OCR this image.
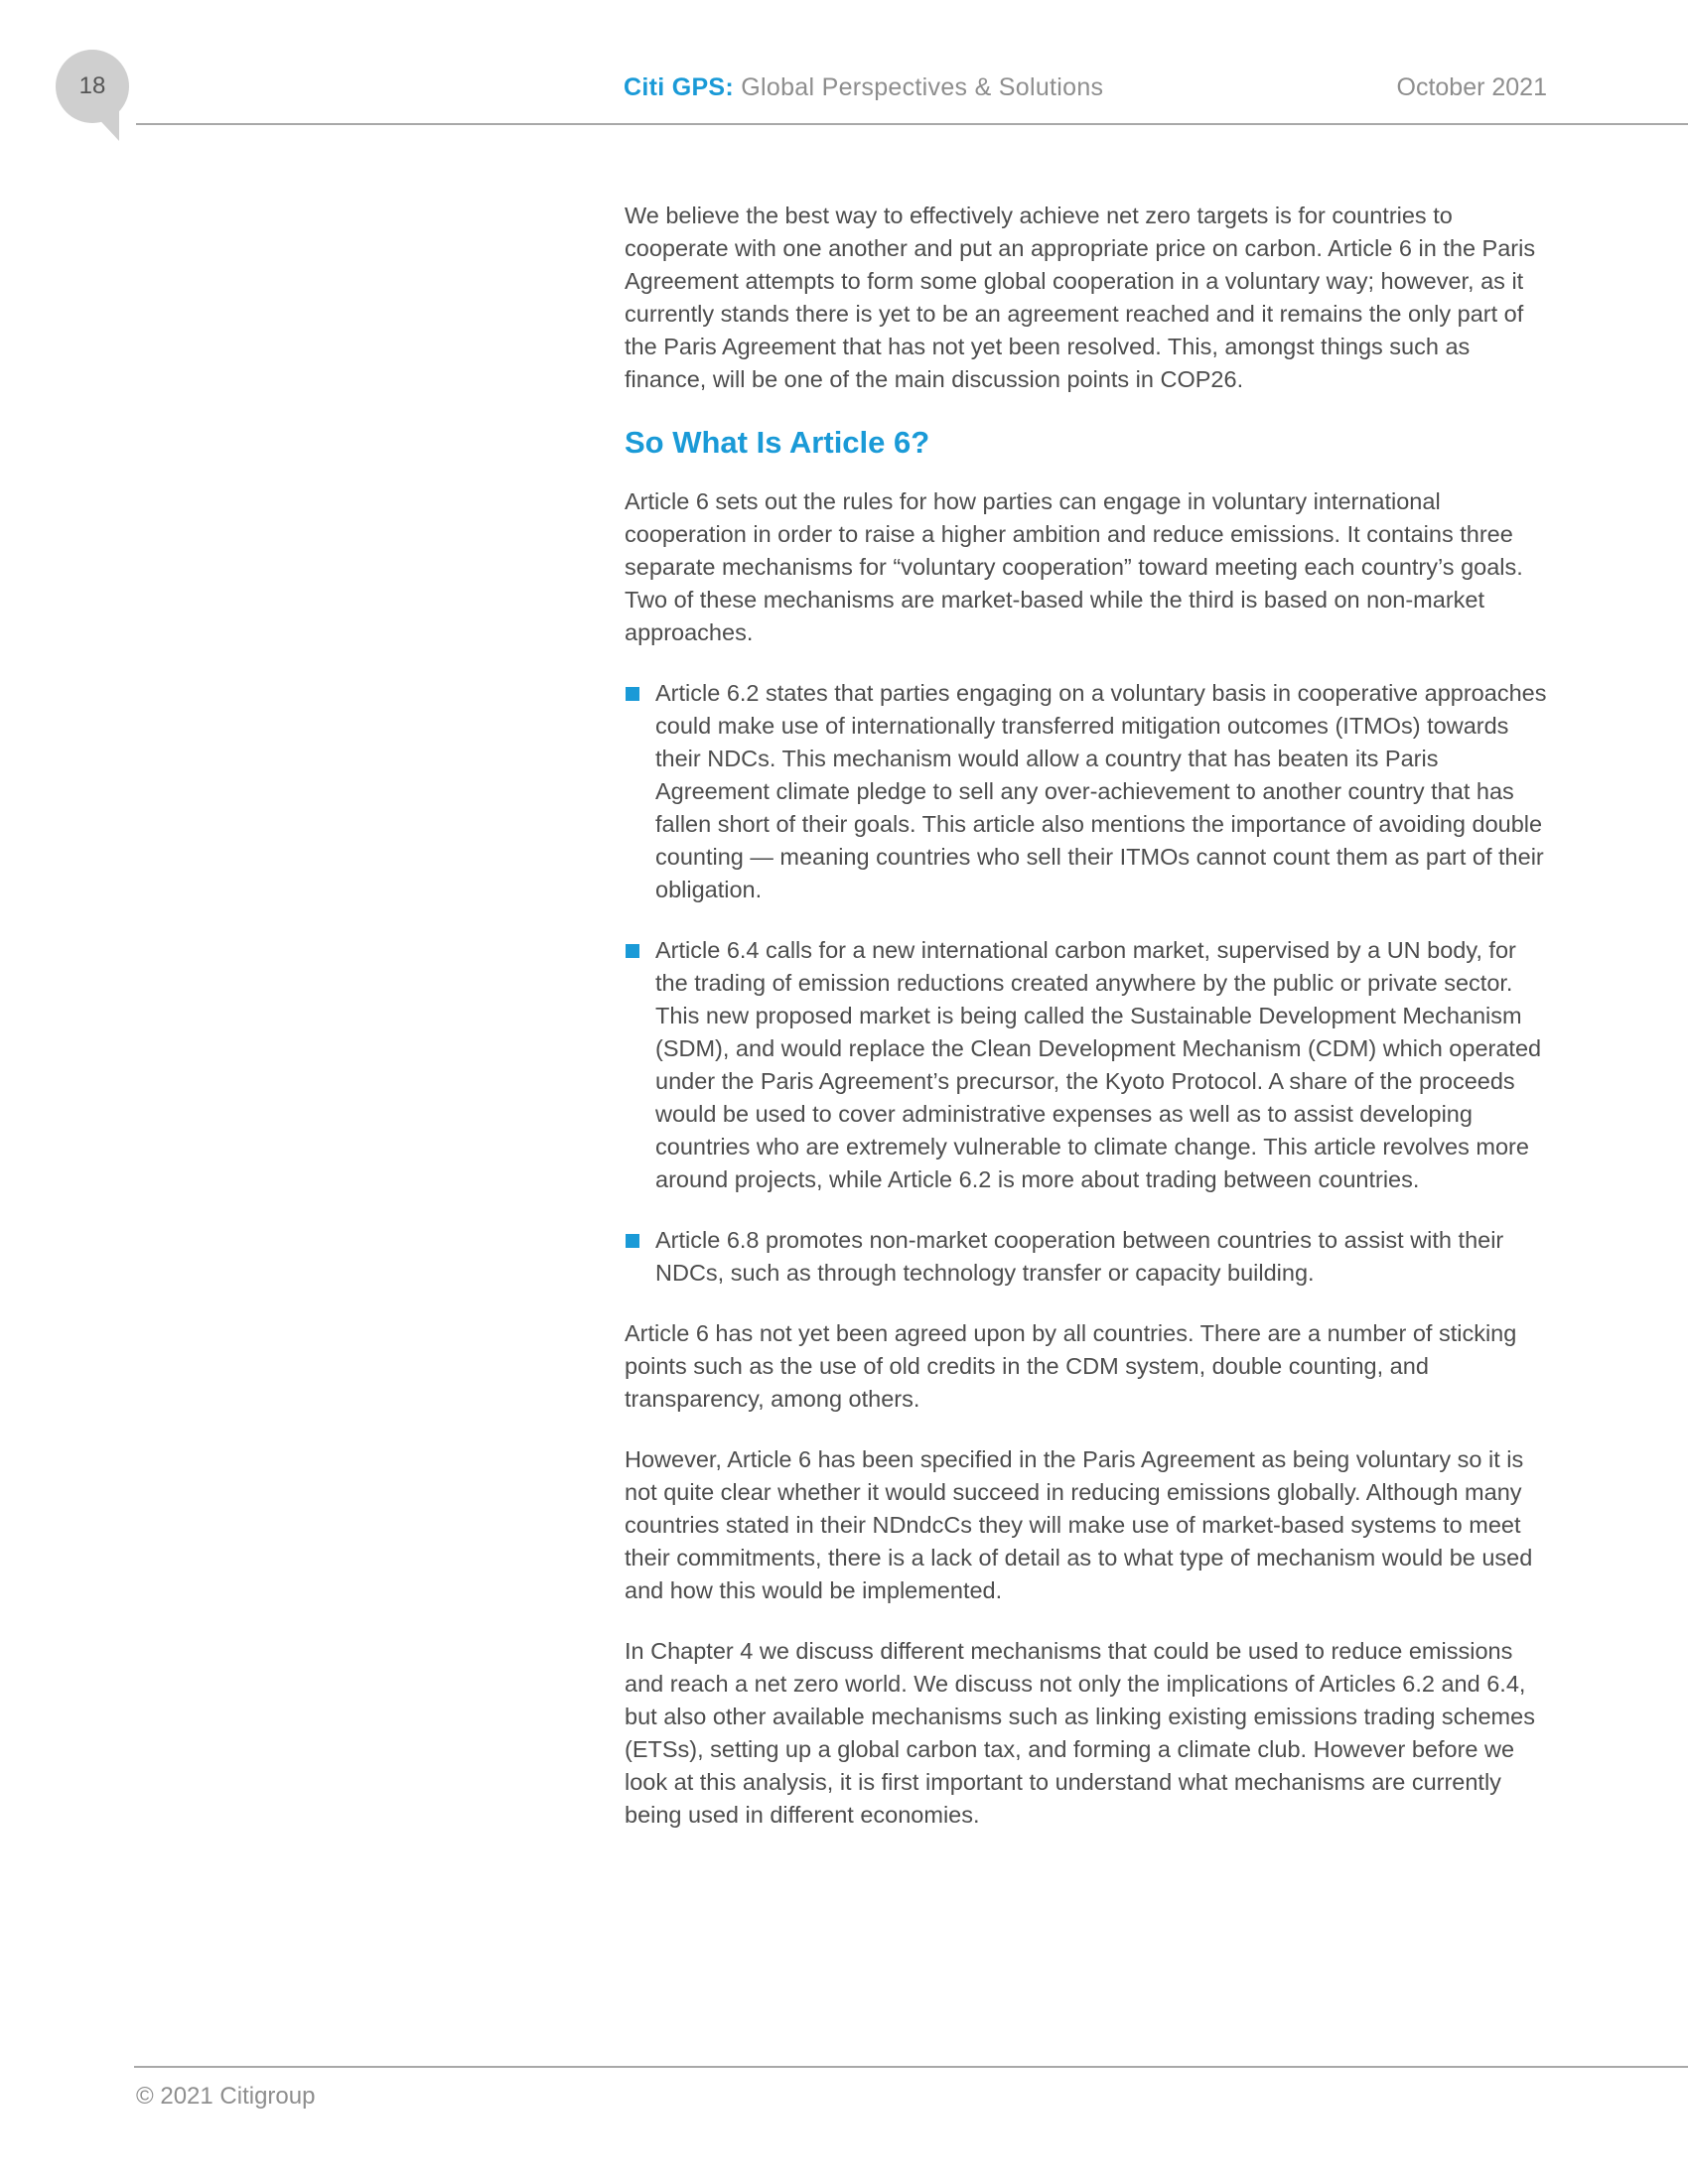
18	Citi GPS: Global Perspectives & Solutions	October 2021

We believe the best way to effectively achieve net zero targets is for countries to cooperate with one another and put an appropriate price on carbon. Article 6 in the Paris Agreement attempts to form some global cooperation in a voluntary way; however, as it currently stands there is yet to be an agreement reached and it remains the only part of the Paris Agreement that has not yet been resolved. This, amongst things such as finance, will be one of the main discussion points in COP26.

So What Is Article 6?

Article 6 sets out the rules for how parties can engage in voluntary international cooperation in order to raise a higher ambition and reduce emissions. It contains three separate mechanisms for “voluntary cooperation” toward meeting each country’s goals. Two of these mechanisms are market-based while the third is based on non-market approaches.

Article 6.2 states that parties engaging on a voluntary basis in cooperative approaches could make use of internationally transferred mitigation outcomes (ITMOs) towards their NDCs. This mechanism would allow a country that has beaten its Paris Agreement climate pledge to sell any over-achievement to another country that has fallen short of their goals. This article also mentions the importance of avoiding double counting — meaning countries who sell their ITMOs cannot count them as part of their obligation.
Article 6.4 calls for a new international carbon market, supervised by a UN body, for the trading of emission reductions created anywhere by the public or private sector. This new proposed market is being called the Sustainable Development Mechanism (SDM), and would replace the Clean Development Mechanism (CDM) which operated under the Paris Agreement’s precursor, the Kyoto Protocol. A share of the proceeds would be used to cover administrative expenses as well as to assist developing countries who are extremely vulnerable to climate change. This article revolves more around projects, while Article 6.2 is more about trading between countries.
Article 6.8 promotes non-market cooperation between countries to assist with their NDCs, such as through technology transfer or capacity building.

Article 6 has not yet been agreed upon by all countries. There are a number of sticking points such as the use of old credits in the CDM system, double counting, and transparency, among others.

However, Article 6 has been specified in the Paris Agreement as being voluntary so it is not quite clear whether it would succeed in reducing emissions globally. Although many countries stated in their NDndcCs they will make use of market-based systems to meet their commitments, there is a lack of detail as to what type of mechanism would be used and how this would be implemented.

In Chapter 4 we discuss different mechanisms that could be used to reduce emissions and reach a net zero world. We discuss not only the implications of Articles 6.2 and 6.4, but also other available mechanisms such as linking existing emissions trading schemes (ETSs), setting up a global carbon tax, and forming a climate club. However before we look at this analysis, it is first important to understand what mechanisms are currently being used in different economies.

© 2021 Citigroup
